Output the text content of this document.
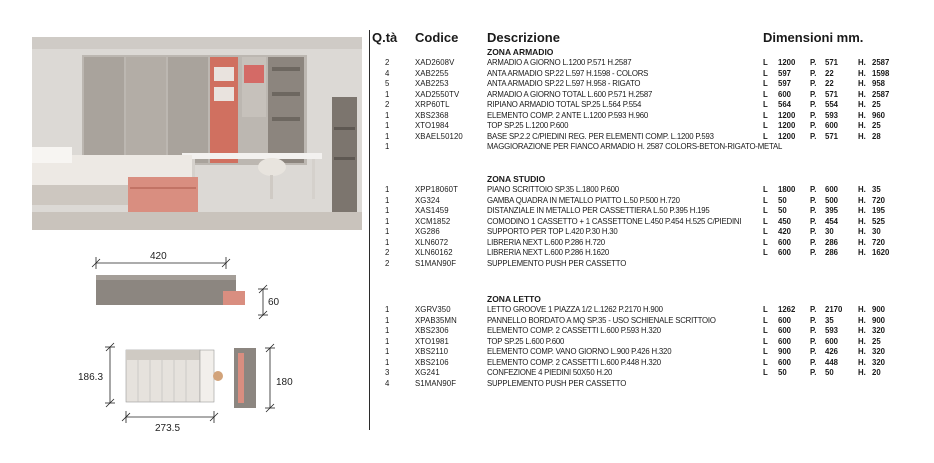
Q.tà Codice Descrizione	Dimensioni mm.
ZONA ARMADIO
2	XAD2608V	ARMADIO A GIORNO L.1200 P.571 H.2587	L 1200 P. 571	H. 2587
4	XAB2255	ANTA ARMADIO SP.22 L.597 H.1598 - COLORS	L 597 P. 22	H. 1598
5	XAB2253	ANTA ARMADIO SP.22 L.597 H.958 - RIGATO	L 597 P. 22	H. 958
1	XAD2550TV	ARMADIO A GIORNO TOTAL L.600 P.571 H.2587	L 600 P. 571	H. 2587
2	XRP60TL	RIPIANO ARMADIO TOTAL SP.25 L.564 P.554	L 564 P. 554	H. 25
1	XBS2368	ELEMENTO COMP. 2 ANTE L.1200 P.593 H.960	L 1200 P. 593	H. 960
1	XTO1984	TOP SP.25 L.1200 P.600	L 1200 P. 600	H. 25
1	XBAEL50120	BASE SP.2.2 C/PIEDINI REG. PER ELEMENTI COMP. L.1200 P.593	L 1200 P. 571	H. 28
1	MAGGIORAZIONE PER FIANCO ARMADIO H. 2587 COLORS-BETON-RIGATO-METAL
ZONA STUDIO
1	XPP18060T	PIANO SCRITTOIO SP.35 L.1800 P.600	L 1800 P. 600	H. 35
1	XG324	GAMBA QUADRA IN METALLO PIATTO L.50 P.500 H.720	L 50	P. 500	H. 720
1	XAS1459	DISTANZIALE IN METALLO PER CASSETTIERA L.50 P.395 H.195	L 50	P. 395	H. 195
1	XCM1852	COMODINO 1 CASSETTO + 1 CASSETTONE L.450 P.454 H.525 C/PIEDINI	L 450 P. 454	H. 525
1	XG286	SUPPORTO PER TOP L.420 P.30 H.30	L 420 P. 30	H. 30
1	XLN6072	LIBRERIA NEXT L.600 P.286 H.720	L 600 P. 286	H. 720
2	XLN60162	LIBRERIA NEXT L.600 P.286 H.1620	L 600 P. 286	H. 1620
2	S1MAN90F	SUPPLEMENTO PUSH PER CASSETTO
ZONA LETTO
1	XGRV350	LETTO GROOVE 1 PIAZZA 1/2 L.1262 P.2170 H.900	L 1262 P. 2170 H. 900
1	XPAB35MN	PANNELLO BORDATO A MQ SP.35 - USO SCHIENALE SCRITTOIO	L 600 P. 35	H. 900
1	XBS2306	ELEMENTO COMP. 2 CASSETTI L.600 P.593 H.320	L 600 P. 593	H. 320
1	XTO1981	TOP SP.25 L.600 P.600	L 600 P. 600	H. 25
1	XBS2110	ELEMENTO COMP. VANO GIORNO L.900 P.426 H.320	L 900 P. 426	H. 320
1	XBS2106	ELEMENTO COMP. 2 CASSETTI L.600 P.448 H.320	L 600 P. 448	H. 320
3	XG241	CONFEZIONE 4 PIEDINI 50X50 H.20	L 50	P. 50	H. 20
4	S1MAN90F	SUPPLEMENTO PUSH PER CASSETTO
420
60
186.3
273.5
180
